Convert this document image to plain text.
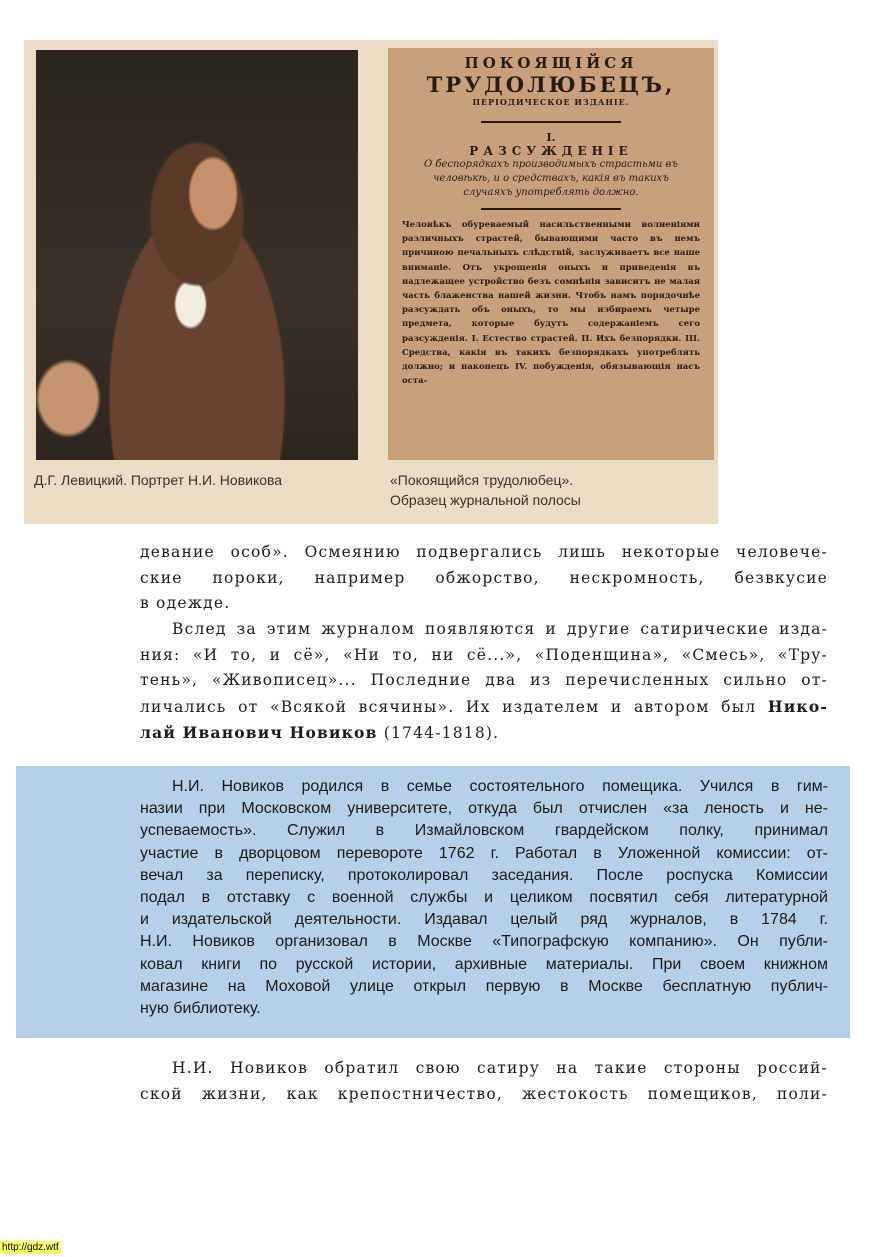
ПОКОЯЩІЙСЯ
ТРУДОЛЮБЕЦЪ,
ПЕРІОДИЧЕСКОЕ ИЗДАНІЕ.
I.
РАЗСУЖДЕНІЕ
О беспорядкахъ производимыхъ страстьми въ человѣкѣ, и о средствахъ, какія въ такихъ случаяхъ употреблять должно.
Человѣкъ обуреваемый насильственными волненіями различныхъ страстей, бывающими часто въ немъ причиною печальныхъ слѣдствій, заслуживаетъ все наше вниманіе. Отъ укрощенія оныхъ и приведенія въ надлежащее устройство безъ сомнѣнія зависитъ не малая часть блаженства нашей жизни. Чтобъ намъ порядочнѣе разсуждать объ оныхъ, то мы избираемъ четыре предмета, которые будутъ содержаніемъ сего разсужденія. I. Естество страстей. II. Ихъ безпорядки. III. Средства, какія въ такихъ безпорядкахъ употреблять должно; и наконецъ IV. побужденія, обязывающія насъ оста-
Д.Г. Левицкий. Портрет Н.И. Новикова	«Покоящийся трудолюбец».
Образец журнальной полосы
девание особ». Осмеянию подвергались лишь некоторые человече-
ские пороки, например обжорство, нескромность, безвкусие
в одежде.
Вслед за этим журналом появляются и другие сатирические изда-
ния: «И то, и сё», «Ни то, ни сё...», «Поденщина», «Смесь», «Тру-
тень», «Живописец»... Последние два из перечисленных сильно от-
личались от «Всякой всячины». Их издателем и автором был Нико-
лай Иванович Новиков (1744-1818).
Н.И. Новиков родился в семье состоятельного помещика. Учился в гим-
назии при Московском университете, откуда был отчислен «за леность и не-
успеваемость». Служил в Измайловском гвардейском полку, принимал
участие в дворцовом перевороте 1762 г. Работал в Уложенной комиссии: от-
вечал за переписку, протоколировал заседания. После роспуска Комиссии
подал в отставку с военной службы и целиком посвятил себя литературной
и издательской деятельности. Издавал целый ряд журналов, в 1784 г.
Н.И. Новиков организовал в Москве «Типографскую компанию». Он публи-
ковал книги по русской истории, архивные материалы. При своем книжном
магазине на Моховой улице открыл первую в Москве бесплатную публич-
ную библиотеку.
Н.И. Новиков обратил свою сатиру на такие стороны россий-
ской жизни, как крепостничество, жестокость помещиков, поли-
http://gdz.wtf
